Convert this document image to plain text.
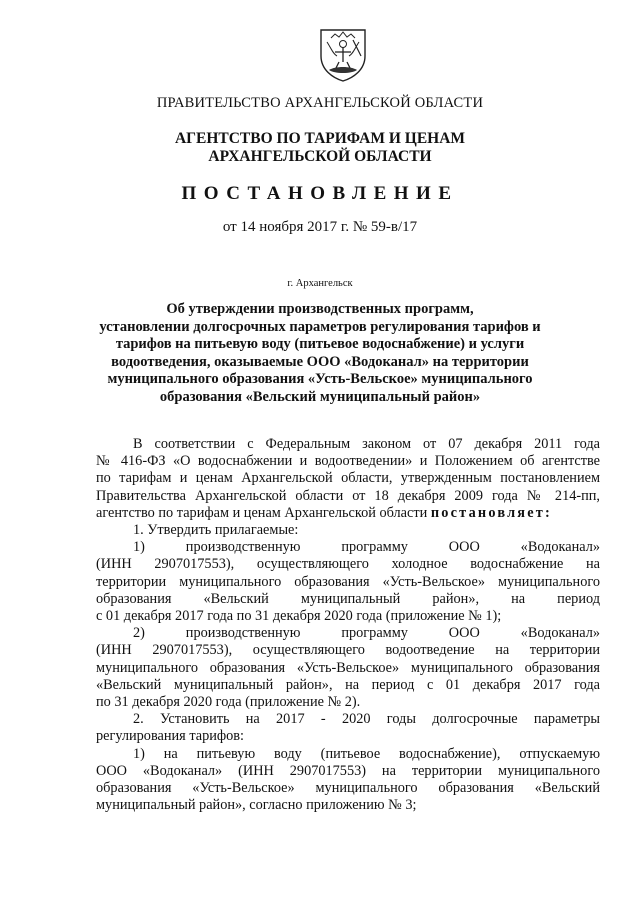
ПРАВИТЕЛЬСТВО АРХАНГЕЛЬСКОЙ ОБЛАСТИ
АГЕНТСТВО ПО ТАРИФАМ И ЦЕНАМ
АРХАНГЕЛЬСКОЙ ОБЛАСТИ
ПОСТАНОВЛЕНИЕ
от 14 ноября 2017 г. № 59-в/17
г. Архангельск
Об утверждении производственных программ,
установлении долгосрочных параметров регулирования тарифов и
тарифов на питьевую воду (питьевое водоснабжение) и услуги
водоотведения, оказываемые ООО «Водоканал» на территории
муниципального образования «Усть-Вельское» муниципального
образования «Вельский муниципальный район»

В соответствии с Федеральным законом от 07 декабря 2011 года

№ 416-ФЗ «О водоснабжении и водоотведении» и Положением об агентстве

по тарифам и ценам Архангельской области, утвержденным постановлением

Правительства Архангельской области от 18 декабря 2009 года № 214-пп,

агентство по тарифам и ценам Архангельской области постановляет:

1. Утвердить прилагаемые:

1) производственную программу ООО «Водоканал»

(ИНН 2907017553), осуществляющего холодное водоснабжение на

территории муниципального образования «Усть-Вельское» муниципального

образования «Вельский муниципальный район», на период

с 01 декабря 2017 года по 31 декабря 2020 года (приложение № 1);

2) производственную программу ООО «Водоканал»

(ИНН 2907017553), осуществляющего водоотведение на территории

муниципального образования «Усть-Вельское» муниципального образования

«Вельский муниципальный район», на период с 01 декабря 2017 года

по 31 декабря 2020 года (приложение № 2).

2. Установить на 2017 - 2020 годы долгосрочные параметры

регулирования тарифов:

1) на питьевую воду (питьевое водоснабжение), отпускаемую

ООО «Водоканал» (ИНН 2907017553) на территории муниципального

образования «Усть-Вельское» муниципального образования «Вельский

муниципальный район», согласно приложению № 3;
